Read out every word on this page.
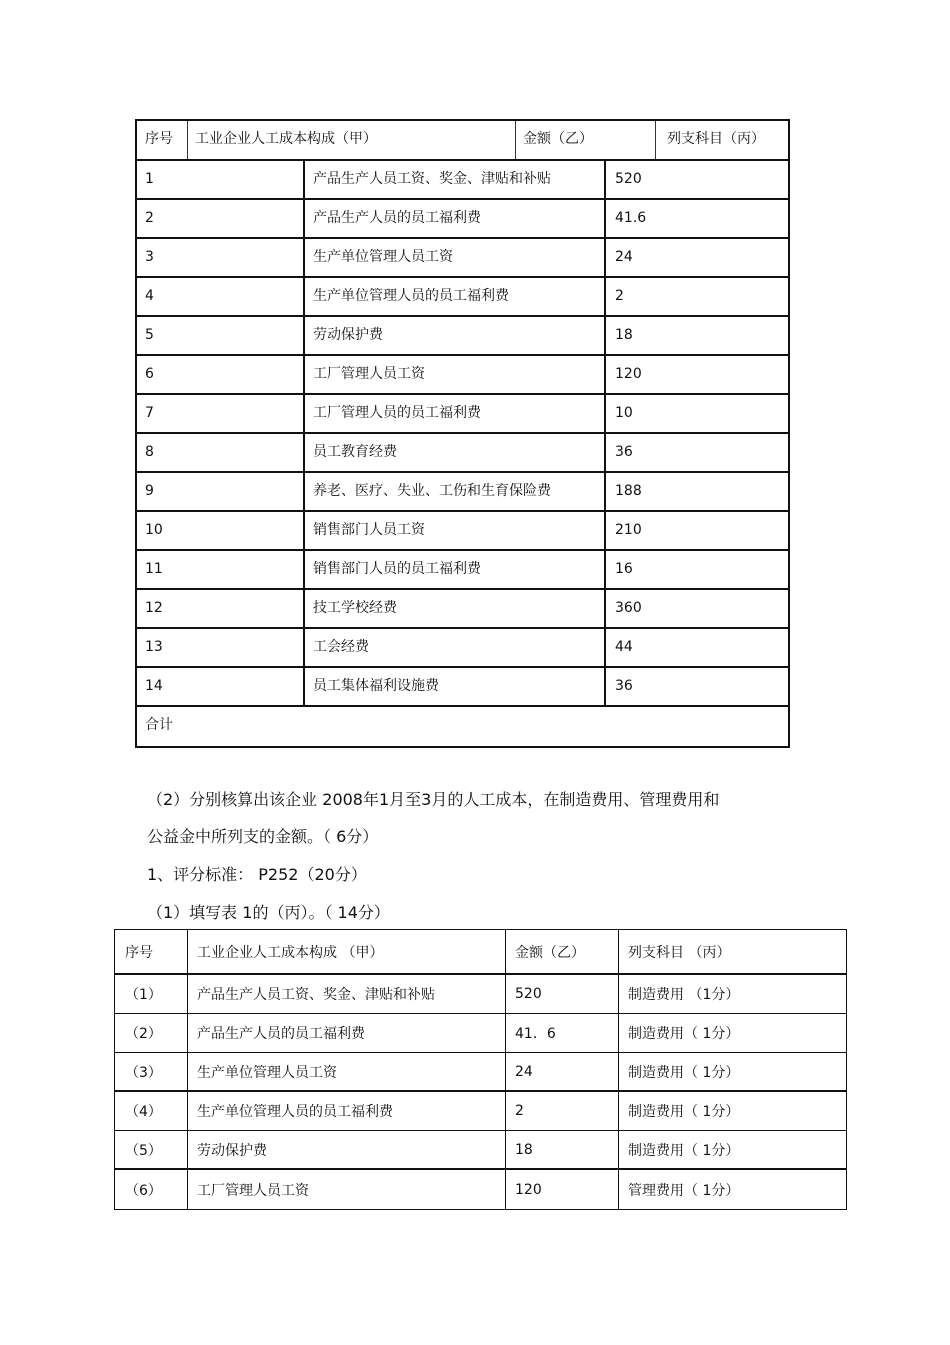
序号	工业企业人工成本构成（甲）	金额（乙）	列支科目（丙）
1	产品生产人员工资、奖金、津贴和补贴	520
2	产品生产人员的员工福利费	41.6
3	生产单位管理人员工资	24
4	生产单位管理人员的员工福利费	2
5	劳动保护费	18
6	工厂管理人员工资	120
7	工厂管理人员的员工福利费	10
8	员工教育经费	36
9	养老、医疗、失业、工伤和生育保险费	188
10	销售部门人员工资	210
11	销售部门人员的员工福利费	16
12	技工学校经费	360
13	工会经费	44
14	员工集体福利设施费	36
合计
（2）分别核算出该企业 2008年1月至3月的人工成本，在制造费用、管理费用和
公益金中所列支的金额。（ 6分）
1、评分标准： P252（20分）
（1）填写表 1的（丙）。（ 14分）
序号	工业企业人工成本构成 （甲）	金额（乙）	列支科目 （丙）
（1）	产品生产人员工资、奖金、津贴和补贴	520	制造费用 （1分）
（2）	产品生产人员的员工福利费	41．6	制造费用（ 1分）
（3）	生产单位管理人员工资	24	制造费用（ 1分）
（4）	生产单位管理人员的员工福利费	2	制造费用（ 1分）
（5）	劳动保护费	18	制造费用（ 1分）
（6）	工厂管理人员工资	120	管理费用（ 1分）
